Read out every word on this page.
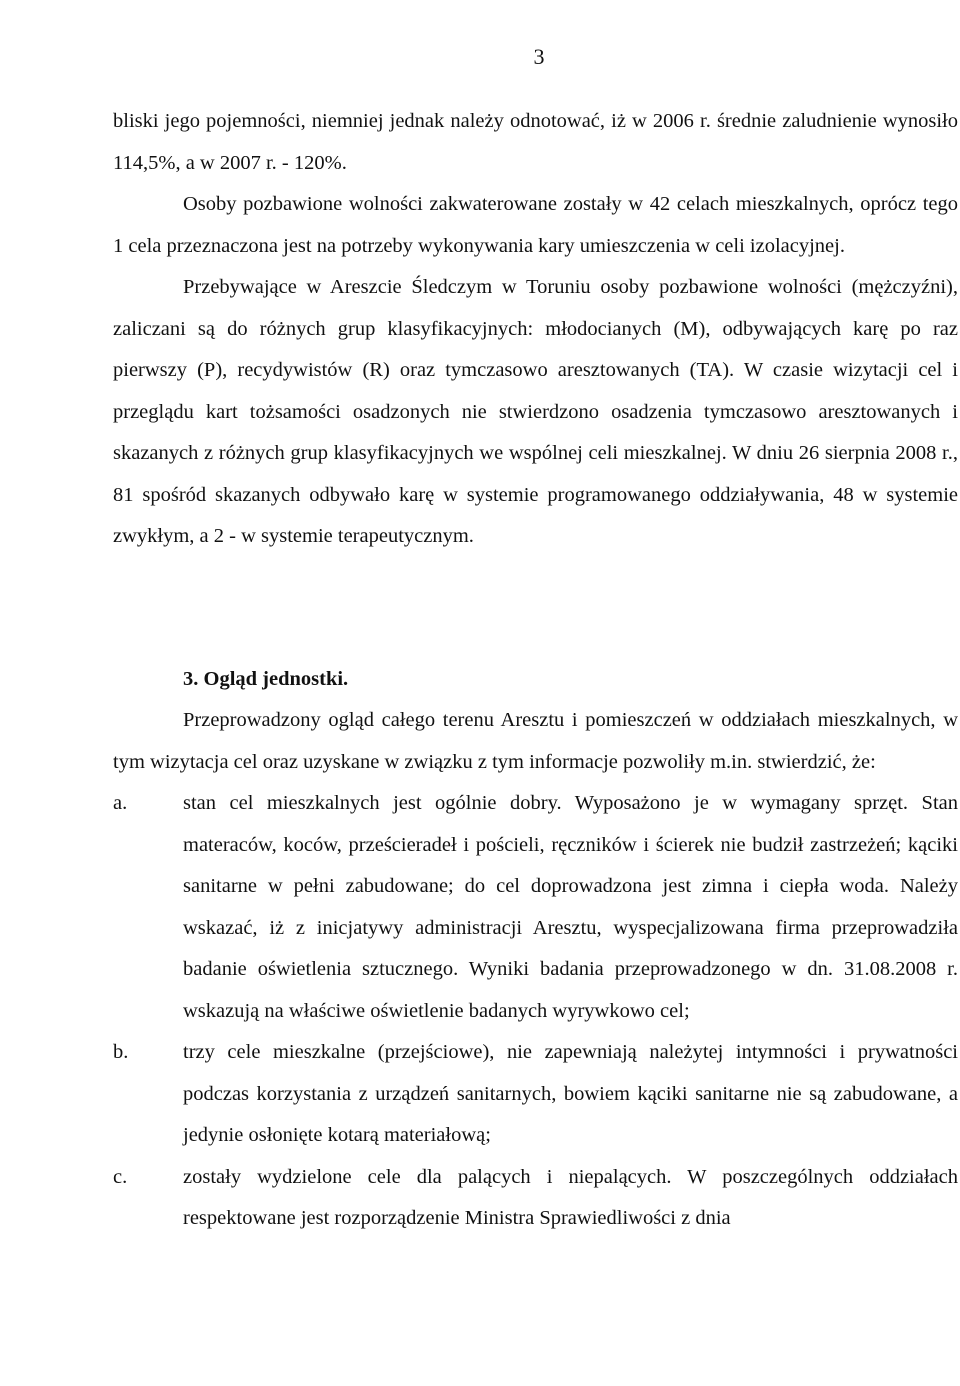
3

bliski jego pojemności, niemniej jednak należy odnotować, iż w 2006 r. średnie zaludnienie wynosiło 114,5%, a w 2007 r. - 120%.

Osoby pozbawione wolności zakwaterowane zostały w 42 celach mieszkalnych, oprócz tego 1 cela przeznaczona jest na potrzeby wykonywania kary umieszczenia w celi izolacyjnej.

Przebywające w Areszcie Śledczym w Toruniu osoby pozbawione wolności (mężczyźni), zaliczani są do różnych grup klasyfikacyjnych: młodocianych (M), odbywających karę po raz pierwszy (P), recydywistów (R) oraz tymczasowo aresztowanych (TA). W czasie wizytacji cel i przeglądu kart tożsamości osadzonych nie stwierdzono osadzenia tymczasowo aresztowanych i skazanych z różnych grup klasyfikacyjnych we wspólnej celi mieszkalnej. W dniu 26 sierpnia 2008 r., 81 spośród skazanych odbywało karę w systemie programowanego oddziaływania, 48 w systemie zwykłym, a 2 - w systemie terapeutycznym.

3. Ogląd jednostki.

Przeprowadzony ogląd całego terenu Aresztu i pomieszczeń w oddziałach mieszkalnych, w tym wizytacja cel oraz uzyskane w związku z tym informacje pozwoliły m.in. stwierdzić, że:

a.	stan cel mieszkalnych jest ogólnie dobry. Wyposażono je w wymagany sprzęt. Stan materaców, koców, prześcieradeł i pościeli, ręczników i ścierek nie budził zastrzeżeń; kąciki sanitarne w pełni zabudowane; do cel doprowadzona jest zimna i ciepła woda. Należy wskazać, iż z inicjatywy administracji Aresztu, wyspecjalizowana firma przeprowadziła badanie oświetlenia sztucznego. Wyniki badania przeprowadzonego w dn. 31.08.2008 r. wskazują na właściwe oświetlenie badanych wyrywkowo cel;
b.	trzy cele mieszkalne (przejściowe), nie zapewniają należytej intymności i prywatności podczas korzystania z urządzeń sanitarnych, bowiem kąciki sanitarne nie są zabudowane, a jedynie osłonięte kotarą materiałową;
c.	zostały wydzielone cele dla palących i niepalących. W poszczególnych oddziałach respektowane jest rozporządzenie Ministra Sprawiedliwości z dnia
